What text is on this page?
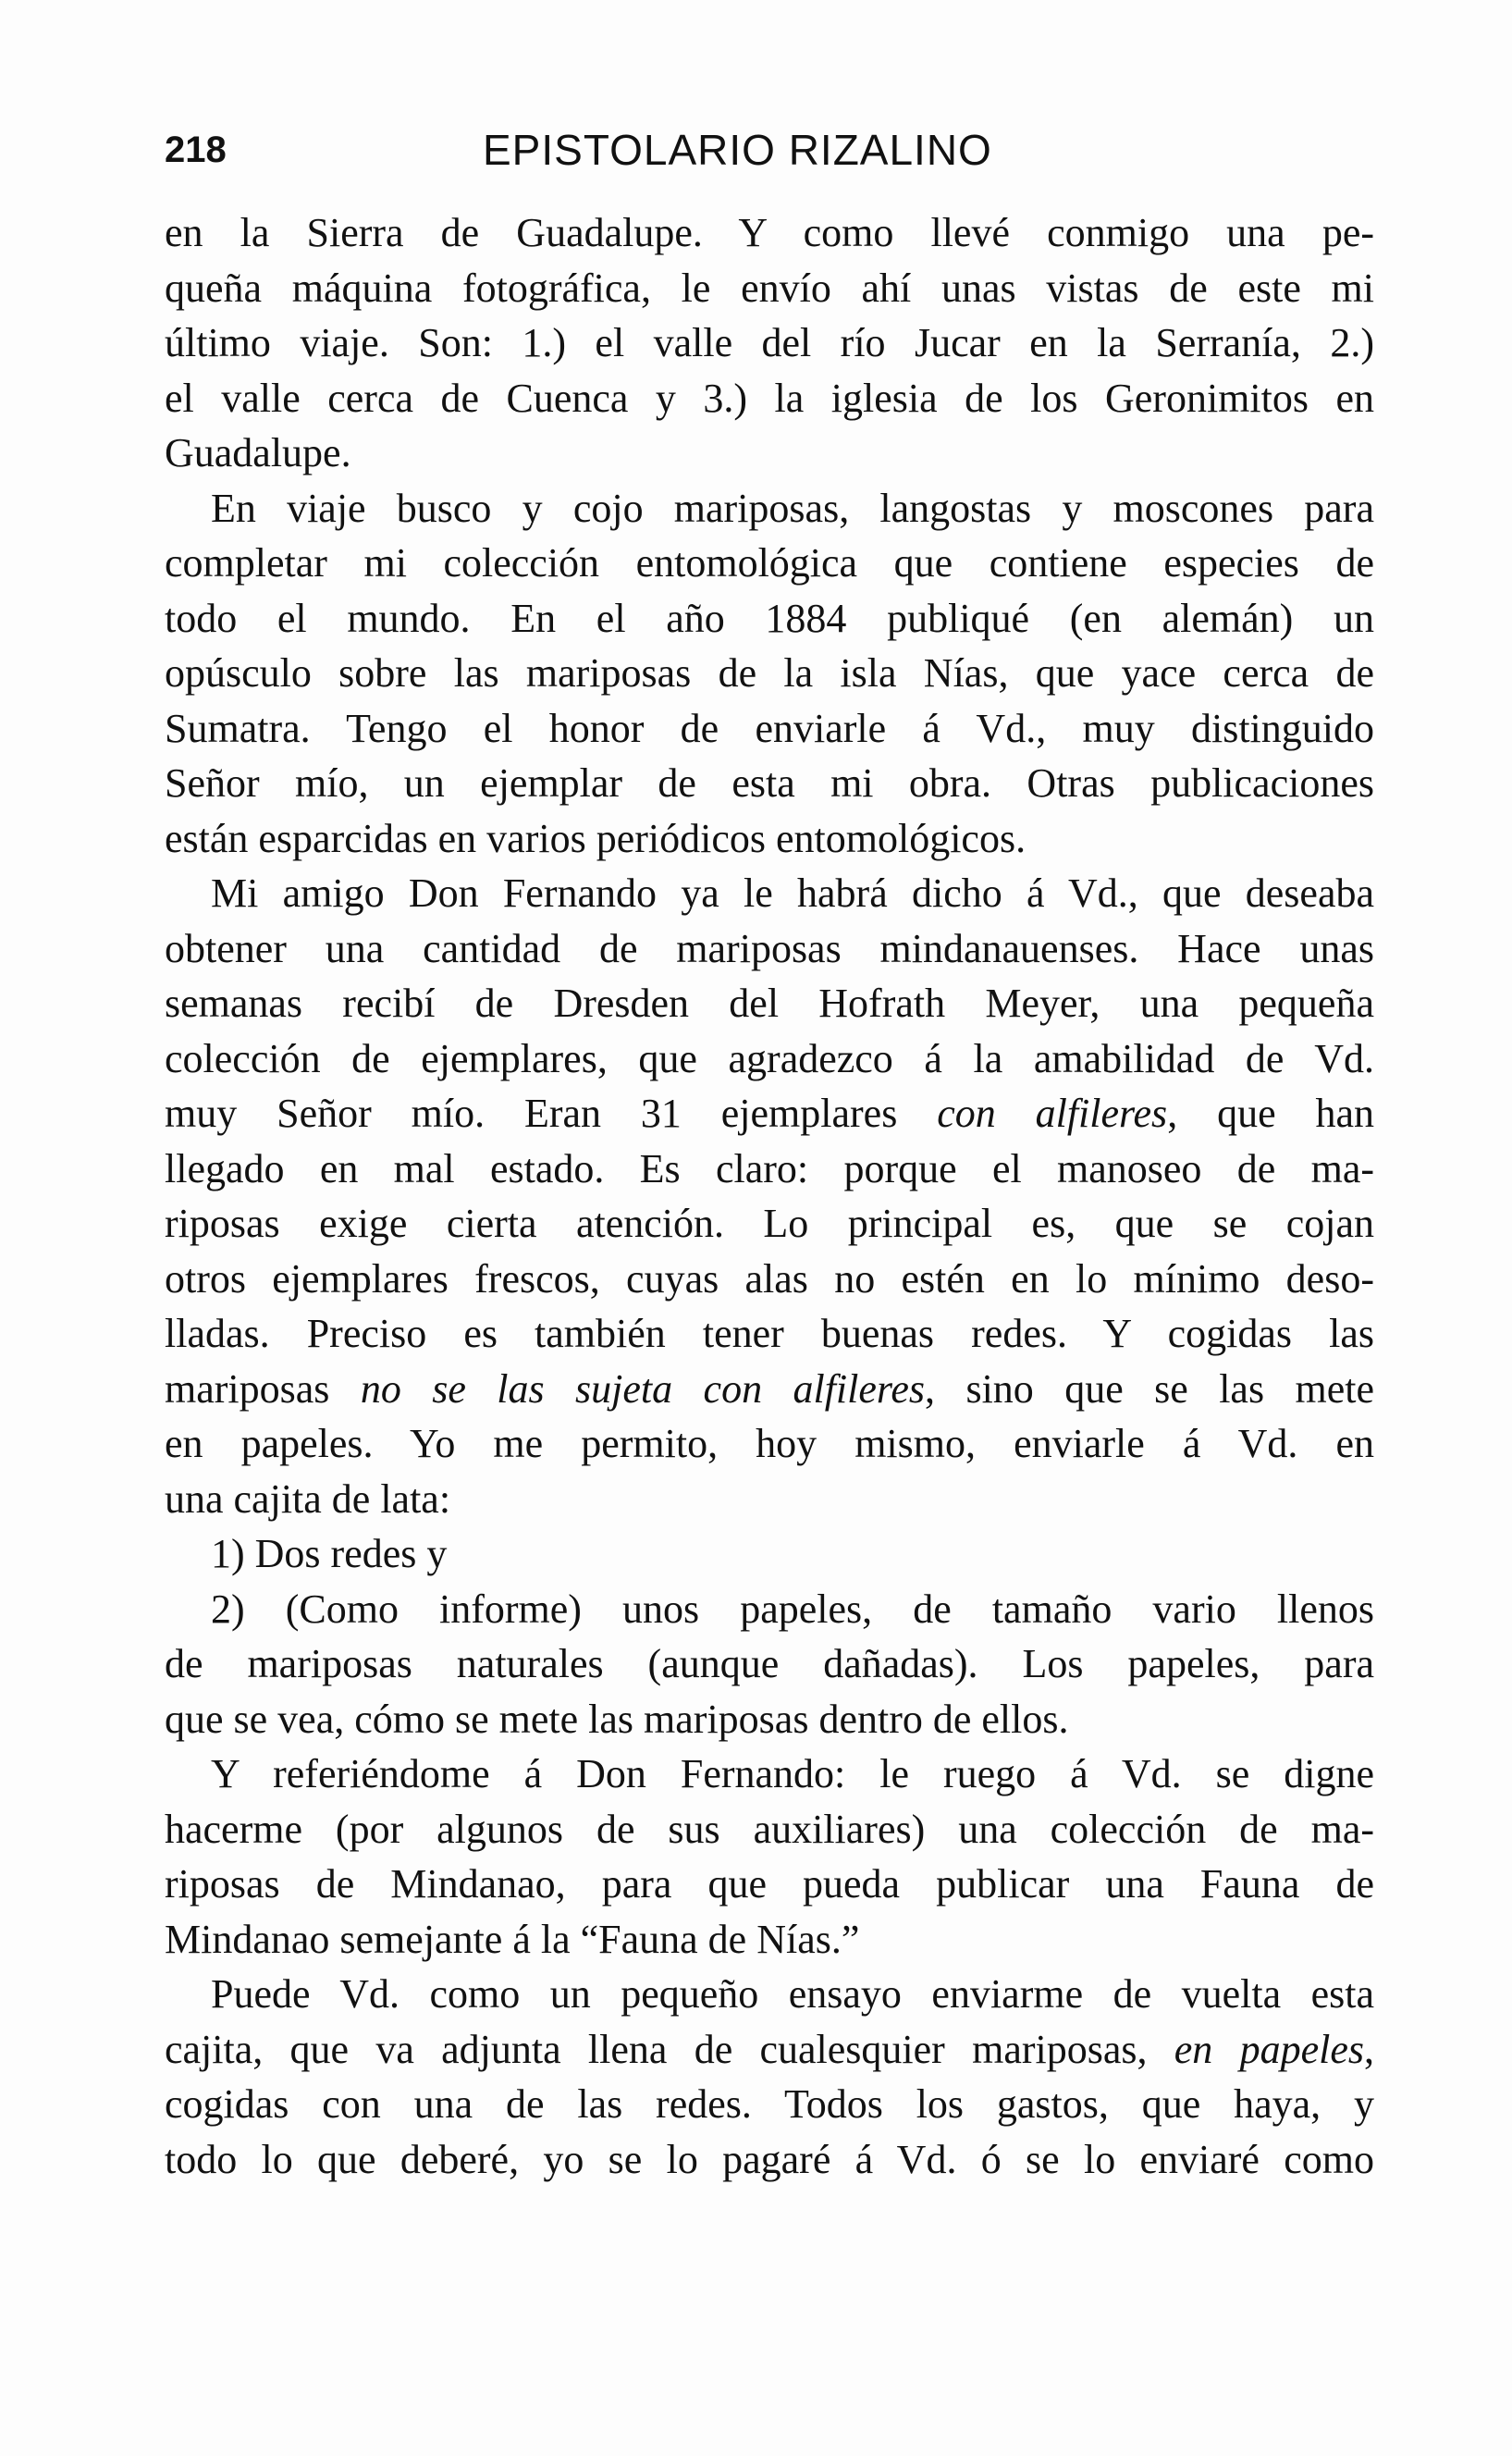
218	EPISTOLARIO RIZALINO
en la Sierra de Guadalupe. Y como llevé conmigo una pe-
queña máquina fotográfica, le envío ahí unas vistas de este mi
último viaje. Son: 1.) el valle del río Jucar en la Serranía, 2.)
el valle cerca de Cuenca y 3.) la iglesia de los Geronimitos en
Guadalupe.
En viaje busco y cojo mariposas, langostas y moscones para
completar mi colección entomológica que contiene especies de
todo el mundo. En el año 1884 publiqué (en alemán) un
opúsculo sobre las mariposas de la isla Nías, que yace cerca de
Sumatra. Tengo el honor de enviarle á Vd., muy distinguido
Señor mío, un ejemplar de esta mi obra. Otras publicaciones
están esparcidas en varios periódicos entomológicos.
Mi amigo Don Fernando ya le habrá dicho á Vd., que deseaba
obtener una cantidad de mariposas mindanauenses. Hace unas
semanas recibí de Dresden del Hofrath Meyer, una pequeña
colección de ejemplares, que agradezco á la amabilidad de Vd.
muy Señor mío. Eran 31 ejemplares con alfileres, que han
llegado en mal estado. Es claro: porque el manoseo de ma-
riposas exige cierta atención. Lo principal es, que se cojan
otros ejemplares frescos, cuyas alas no estén en lo mínimo deso-
lladas. Preciso es también tener buenas redes. Y cogidas las
mariposas no se las sujeta con alfileres, sino que se las mete
en papeles. Yo me permito, hoy mismo, enviarle á Vd. en
una cajita de lata:
1) Dos redes y
2) (Como informe) unos papeles, de tamaño vario llenos
de mariposas naturales (aunque dañadas). Los papeles, para
que se vea, cómo se mete las mariposas dentro de ellos.
Y referiéndome á Don Fernando: le ruego á Vd. se digne
hacerme (por algunos de sus auxiliares) una colección de ma-
riposas de Mindanao, para que pueda publicar una Fauna de
Mindanao semejante á la “Fauna de Nías.”
Puede Vd. como un pequeño ensayo enviarme de vuelta esta
cajita, que va adjunta llena de cualesquier mariposas, en papeles,
cogidas con una de las redes. Todos los gastos, que haya, y
todo lo que deberé, yo se lo pagaré á Vd. ó se lo enviaré como
